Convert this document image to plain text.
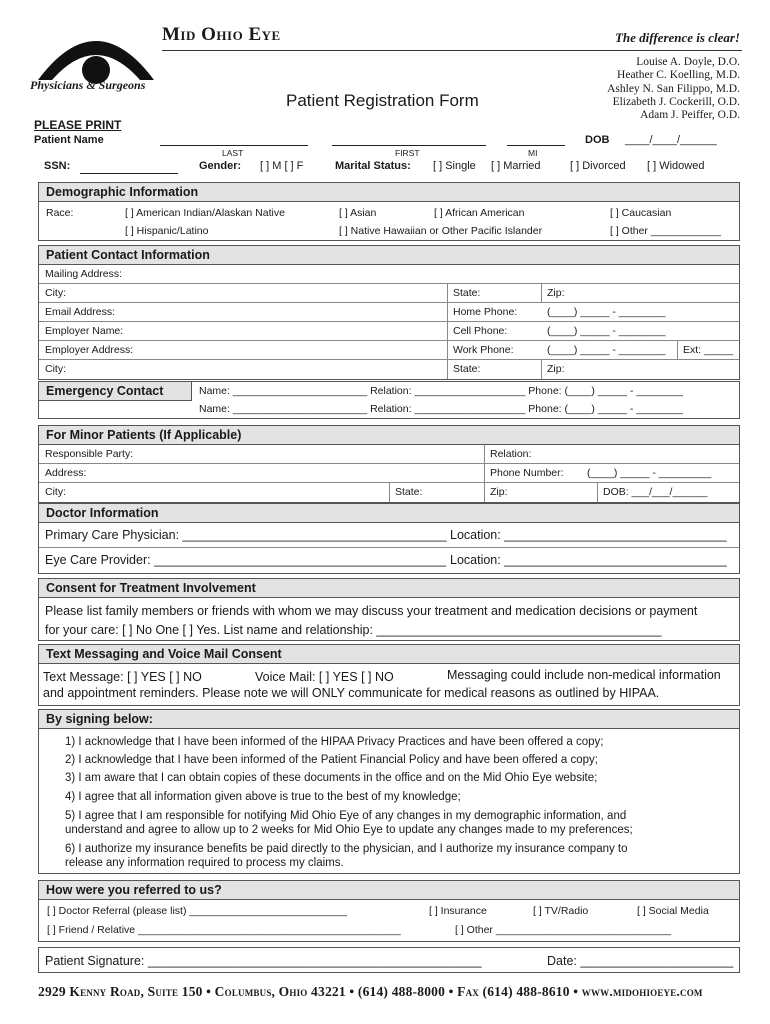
Mid Ohio Eye	The difference is clear!
Physicians & Surgeons
Louise A. Doyle, D.O.
Heather C. Koelling, M.D.
Ashley N. San Filippo, M.D.
Elizabeth J. Cockerill, O.D.
Adam J. Peiffer, O.D.
Patient Registration Form
PLEASE PRINT
Patient Name
LAST	FIRST	MI
DOB ____/____/______
SSN:	Gender: [ ] M [ ] F	Marital Status: [ ] Single [ ] Married	[ ] Divorced [ ] Widowed
Demographic Information
Race:	[ ] American Indian/Alaskan Native	[ ] Asian	[ ] African American	[ ] Caucasian
[ ] Hispanic/Latino	[ ] Native Hawaiian or Other Pacific Islander	[ ] Other ____________
Patient Contact Information
Mailing Address:
City:	State:	Zip:
Email Address:	Home Phone:	(____) _____ - ________
Employer Name:	Cell Phone:	(____) _____ - ________
Employer Address:	Work Phone:	(____) _____ - ________	Ext: _____
City:	State:	Zip:
Emergency Contact	Name: _______________________ Relation: ___________________ Phone: (____) _____ - ________
Name: _______________________ Relation: ___________________ Phone: (____) _____ - ________
For Minor Patients (If Applicable)
Responsible Party:	Relation:
Address:	Phone Number:	(____) _____ - _________
City:	State:	Zip:	DOB: ___/___/______
Doctor Information
Primary Care Physician: ______________________________________ Location: ________________________________
Eye Care Provider: __________________________________________ Location: ________________________________
Consent for Treatment Involvement
Please list family members or friends with whom we may discuss your treatment and medication decisions or payment
for your care: [ ] No One [ ] Yes. List name and relationship: _________________________________________
Text Messaging and Voice Mail Consent
Text Message: [ ] YES [ ] NO	Voice Mail: [ ] YES [ ] NO	Messaging could include non-medical information
and appointment reminders. Please note we will ONLY communicate for medical reasons as outlined by HIPAA.
By signing below:
1) I acknowledge that I have been informed of the HIPAA Privacy Practices and have been offered a copy;
2) I acknowledge that I have been informed of the Patient Financial Policy and have been offered a copy;
3) I am aware that I can obtain copies of these documents in the office and on the Mid Ohio Eye website;
4) I agree that all information given above is true to the best of my knowledge;
5) I agree that I am responsible for notifying Mid Ohio Eye of any changes in my demographic information, and
understand and agree to allow up to 2 weeks for Mid Ohio Eye to update any changes made to my preferences;
6) I authorize my insurance benefits be paid directly to the physician, and I authorize my insurance company to
release any information required to process my claims.
How were you referred to us?
[ ] Doctor Referral (please list) ___________________________	[ ] Insurance	[ ] TV/Radio	[ ] Social Media
[ ] Friend / Relative _____________________________________________	[ ] Other ______________________________
Patient Signature: ________________________________________________	Date: ______________________
2929 Kenny Road, Suite 150 • Columbus, Ohio 43221 • (614) 488-8000 • Fax (614) 488-8610 • www.midohioeye.com
